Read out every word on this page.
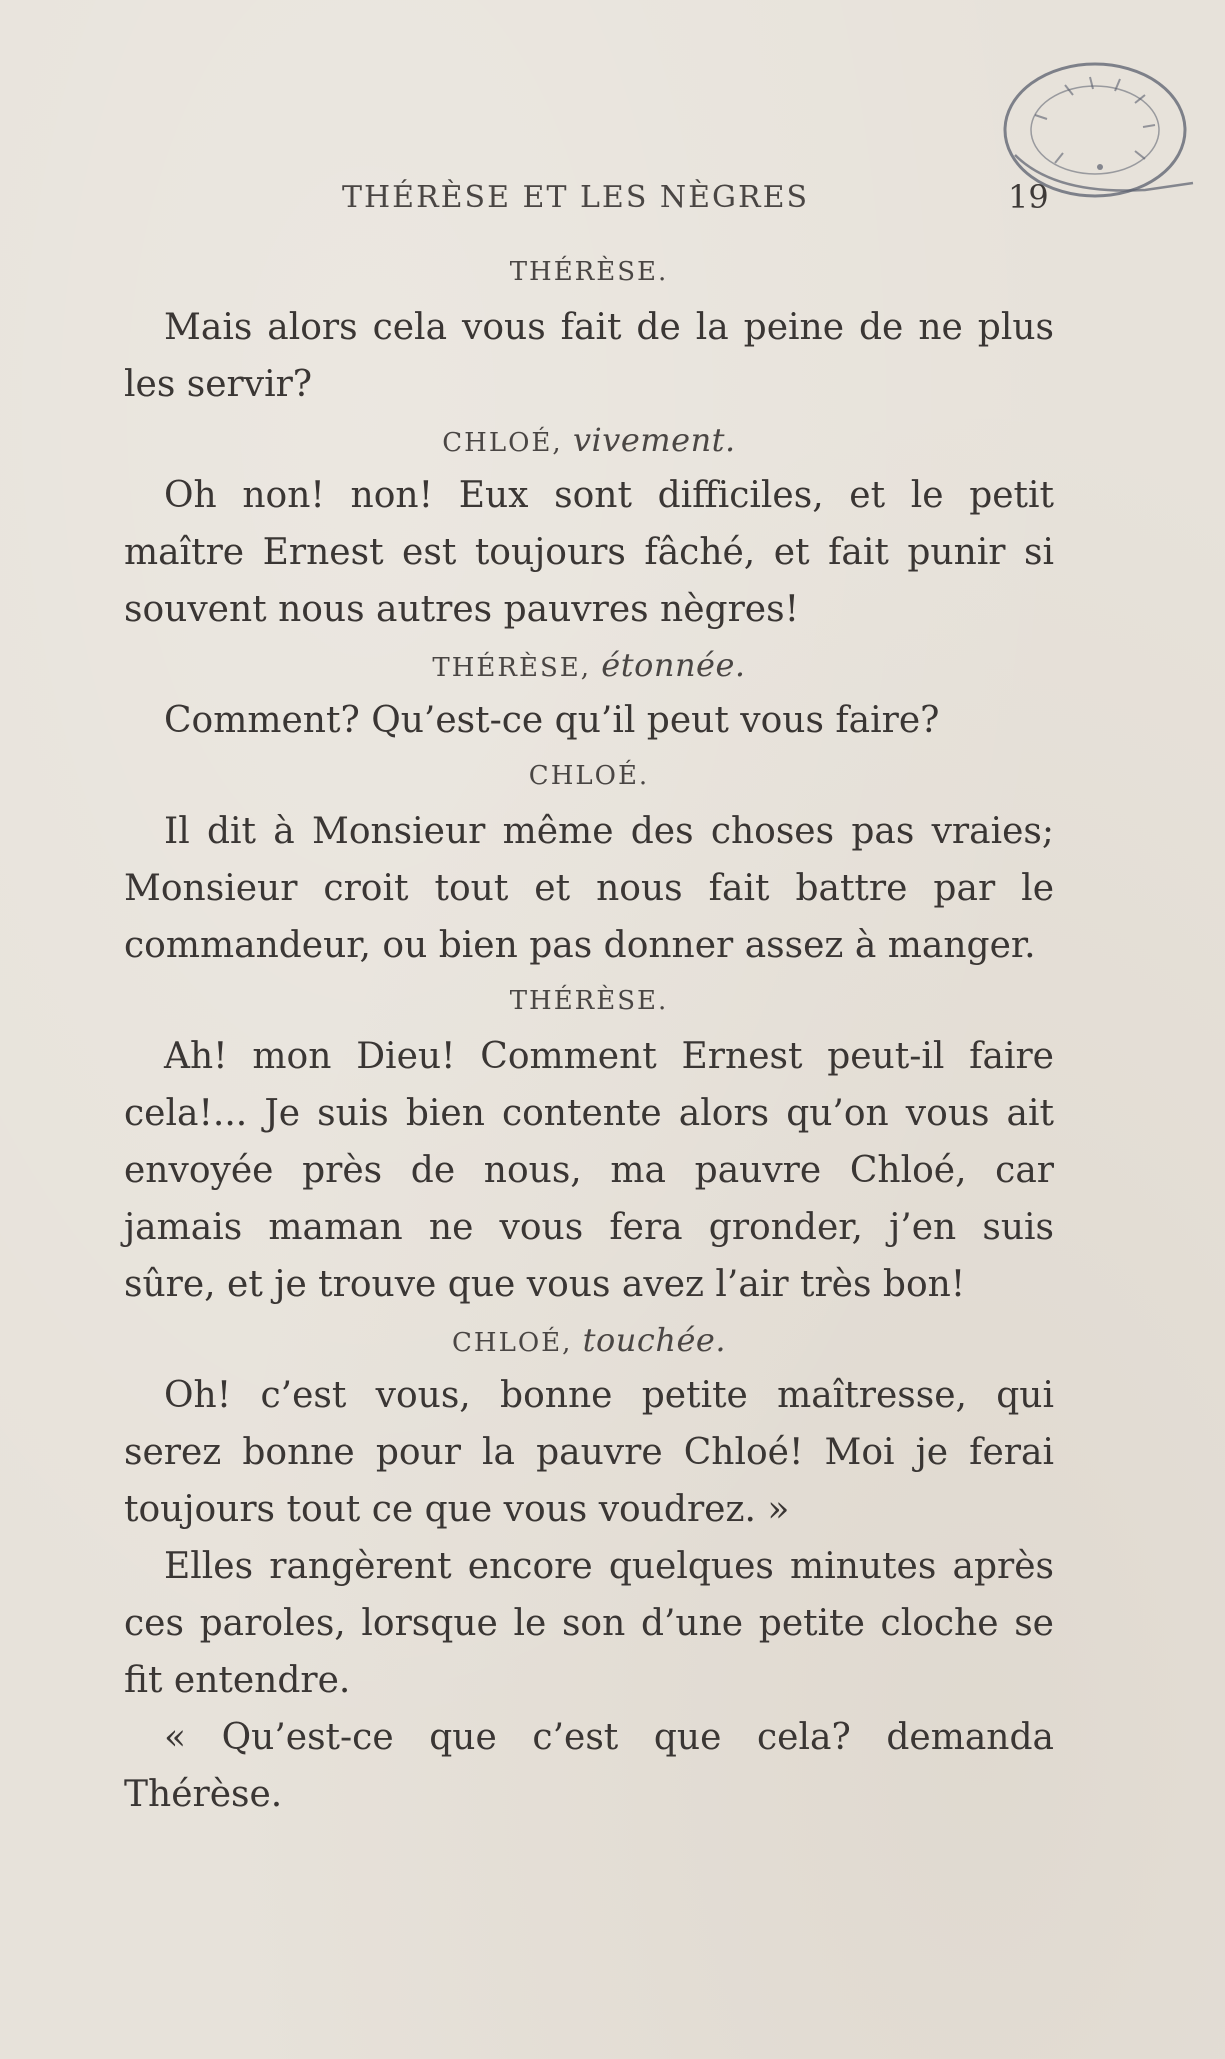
THÉRÈSE ET LES NÈGRES	19
THÉRÈSE.

Mais alors cela vous fait de la peine de ne plus les servir?

CHLOÉ, vivement.

Oh non! non! Eux sont difficiles, et le petit maître Ernest est toujours fâché, et fait punir si souvent nous autres pauvres nègres!

THÉRÈSE, étonnée.

Comment? Qu’est-ce qu’il peut vous faire?

CHLOÉ.

Il dit à Monsieur même des choses pas vraies; Monsieur croit tout et nous fait battre par le commandeur, ou bien pas donner assez à manger.

THÉRÈSE.

Ah! mon Dieu! Comment Ernest peut-il faire cela!... Je suis bien contente alors qu’on vous ait envoyée près de nous, ma pauvre Chloé, car jamais maman ne vous fera gronder, j’en suis sûre, et je trouve que vous avez l’air très bon!

CHLOÉ, touchée.

Oh! c’est vous, bonne petite maîtresse, qui serez bonne pour la pauvre Chloé! Moi je ferai toujours tout ce que vous voudrez. »

Elles rangèrent encore quelques minutes après ces paroles, lorsque le son d’une petite cloche se fit entendre.

« Qu’est-ce que c’est que cela? demanda Thérèse.
